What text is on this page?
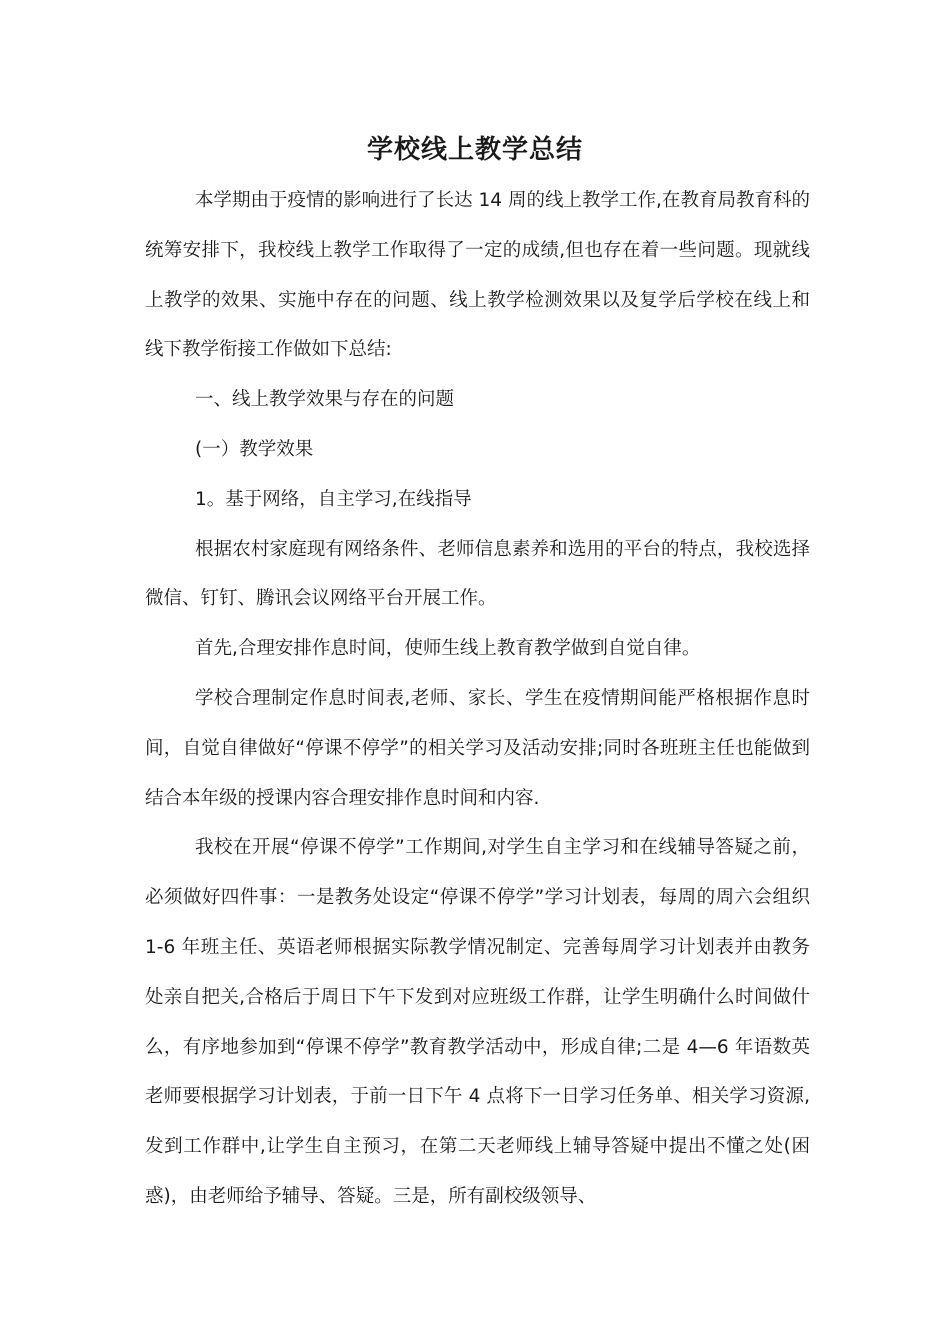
学校线上教学总结

本学期由于疫情的影响进行了长达 14 周的线上教学工作,在教育局教育科的统筹安排下，我校线上教学工作取得了一定的成绩,但也存在着一些问题。现就线上教学的效果、实施中存在的问题、线上教学检测效果以及复学后学校在线上和线下教学衔接工作做如下总结:

一、线上教学效果与存在的问题

(一）教学效果

1。基于网络，自主学习,在线指导

根据农村家庭现有网络条件、老师信息素养和选用的平台的特点，我校选择微信、钉钉、腾讯会议网络平台开展工作。

首先,合理安排作息时间，使师生线上教育教学做到自觉自律。

学校合理制定作息时间表,老师、家长、学生在疫情期间能严格根据作息时间，自觉自律做好“停课不停学”的相关学习及活动安排;同时各班班主任也能做到结合本年级的授课内容合理安排作息时间和内容.

我校在开展“停课不停学”工作期间,对学生自主学习和在线辅导答疑之前，必须做好四件事：一是教务处设定“停课不停学”学习计划表，每周的周六会组织 1-6 年班主任、英语老师根据实际教学情况制定、完善每周学习计划表并由教务处亲自把关,合格后于周日下午下发到对应班级工作群，让学生明确什么时间做什么，有序地参加到“停课不停学”教育教学活动中，形成自律;二是 4—6 年语数英老师要根据学习计划表，于前一日下午 4 点将下一日学习任务单、相关学习资源,发到工作群中,让学生自主预习，在第二天老师线上辅导答疑中提出不懂之处(困惑)，由老师给予辅导、答疑。三是，所有副校级领导、
